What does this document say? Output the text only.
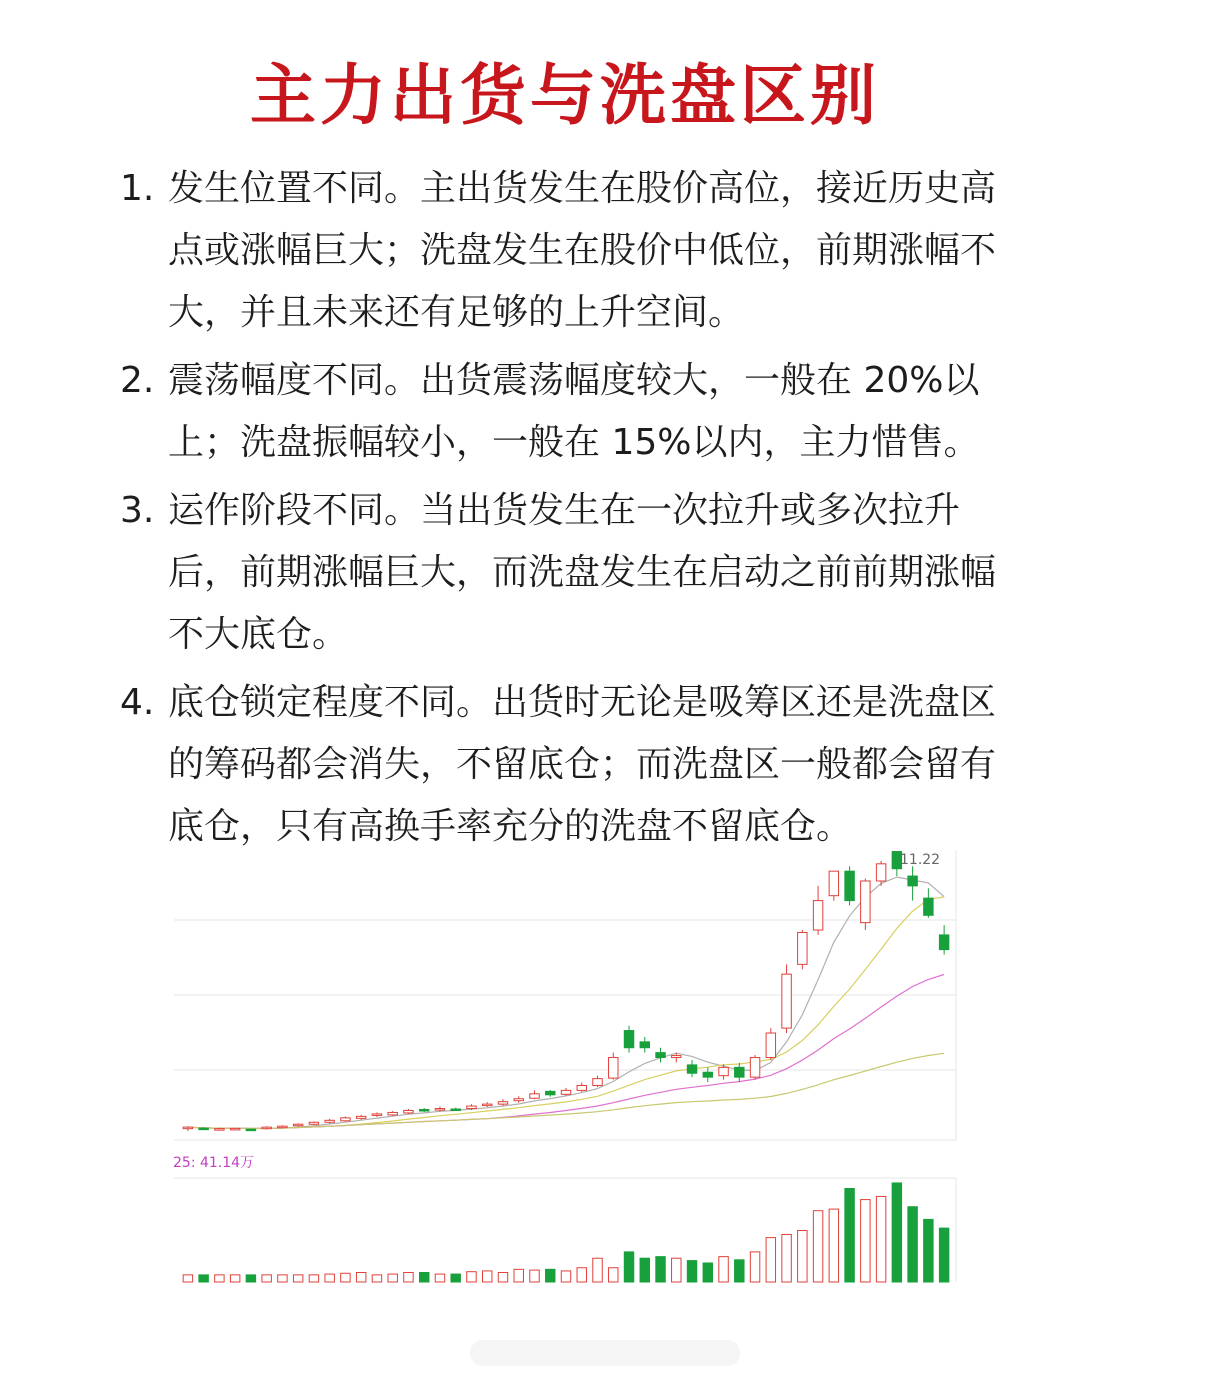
主力出货与洗盘区别
1. 发生位置不同。主出货发生在股价高位，接近历史高点或涨幅巨大；洗盘发生在股价中低位，前期涨幅不大，并且未来还有足够的上升空间。
2. 震荡幅度不同。出货震荡幅度较大，一般在 20%以上；洗盘振幅较小，一般在 15%以内，主力惜售。
3. 运作阶段不同。当出货发生在一次拉升或多次拉升后，前期涨幅巨大，而洗盘发生在启动之前前期涨幅不大底仓。
4. 底仓锁定程度不同。出货时无论是吸筹区还是洗盘区的筹码都会消失，不留底仓；而洗盘区一般都会留有底仓，只有高换手率充分的洗盘不留底仓。
11.22
25: 41.14万
